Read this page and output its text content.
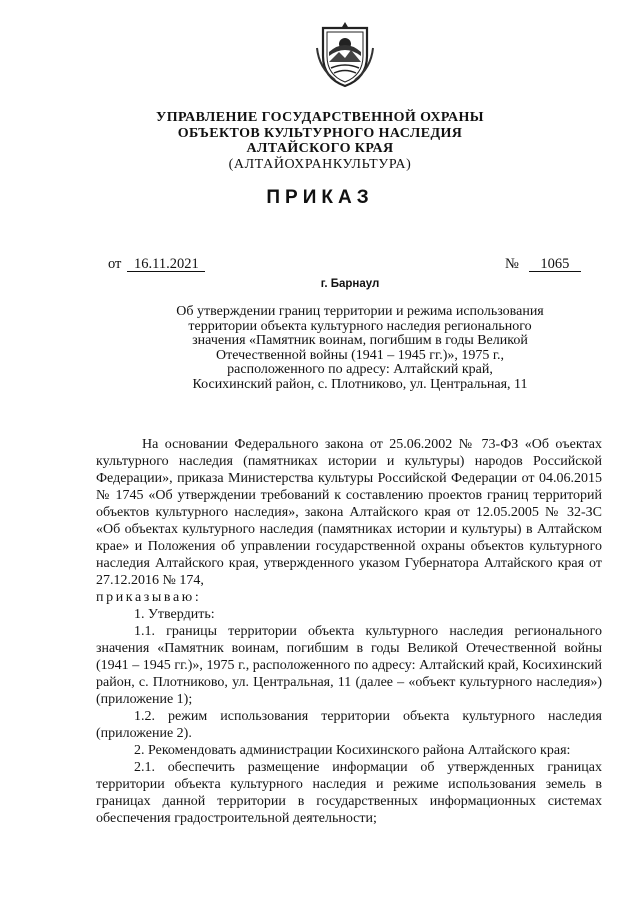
УПРАВЛЕНИЕ ГОСУДАРСТВЕННОЙ ОХРАНЫ
ОБЪЕКТОВ КУЛЬТУРНОГО НАСЛЕДИЯ
АЛТАЙСКОГО КРАЯ
(АЛТАЙОХРАНКУЛЬТУРА)
ПРИКАЗ
от 16.11.2021	№ 1065
г. Барнаул
Об утверждении границ территории и режима использования
территории объекта культурного наследия регионального
значения «Памятник воинам, погибшим в годы Великой
Отечественной войны (1941 – 1945 гг.)», 1975 г.,
расположенного по адресу: Алтайский край,
Косихинский район, с. Плотниково, ул. Центральная, 11

На основании Федерального закона от 25.06.2002 № 73-ФЗ «Об оъектах культурного наследия (памятниках истории и культуры) народов Российской Федерации», приказа Министерства культуры Российской Федерации от 04.06.2015 № 1745 «Об утверждении требований к составлению проектов границ территорий объектов культурного наследия», закона Алтайского края от 12.05.2005 № 32-ЗС «Об объектах культурного наследия (памятниках истории и культуры) в Алтайском крае» и Положения об управлении государственной охраны объектов культурного наследия Алтайского края, утвержденного указом Губернатора Алтайского края от 27.12.2016 № 174,

приказываю:

1. Утвердить:

1.1. границы территории объекта культурного наследия регионального значения «Памятник воинам, погибшим в годы Великой Отечественной войны (1941 – 1945 гг.)», 1975 г., расположенного по адресу: Алтайский край, Косихинский район, с. Плотниково, ул. Центральная, 11 (далее – «объект культурного наследия») (приложение 1);

1.2. режим использования территории объекта культурного наследия (приложение 2).

2. Рекомендовать администрации Косихинского района Алтайского края:

2.1. обеспечить размещение информации об утвержденных границах территории объекта культурного наследия и режиме использования земель в границах данной территории в государственных информационных системах обеспечения градостроительной деятельности;
